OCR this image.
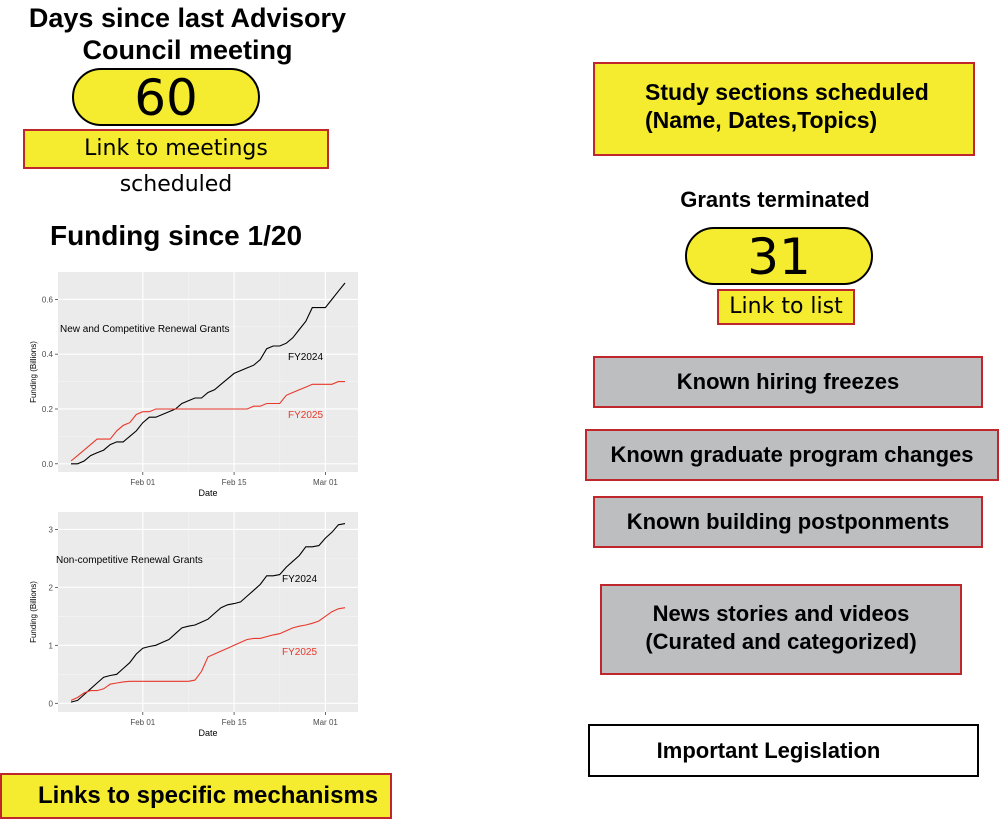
Days since last Advisory
Council meeting
60
Link to meetings scheduled
Funding since 1/20
0.0
0.2
0.4
0.6
Feb 01	Feb 15	Mar 01
Date
Funding (Billions)
New and Competitive Renewal Grants
FY2024
FY2025
0
1
2
3
Feb 01	Feb 15	Mar 01
Date
Funding (Billions)
Non-competitive Renewal Grants
FY2024
FY2025
Links to specific mechanisms
Study sections scheduled
(Name, Dates,Topics)
Grants terminated
31
Link to list
Known hiring freezes
Known graduate program changes
Known building postponments
News stories and videos
(Curated and categorized)
Important Legislation
